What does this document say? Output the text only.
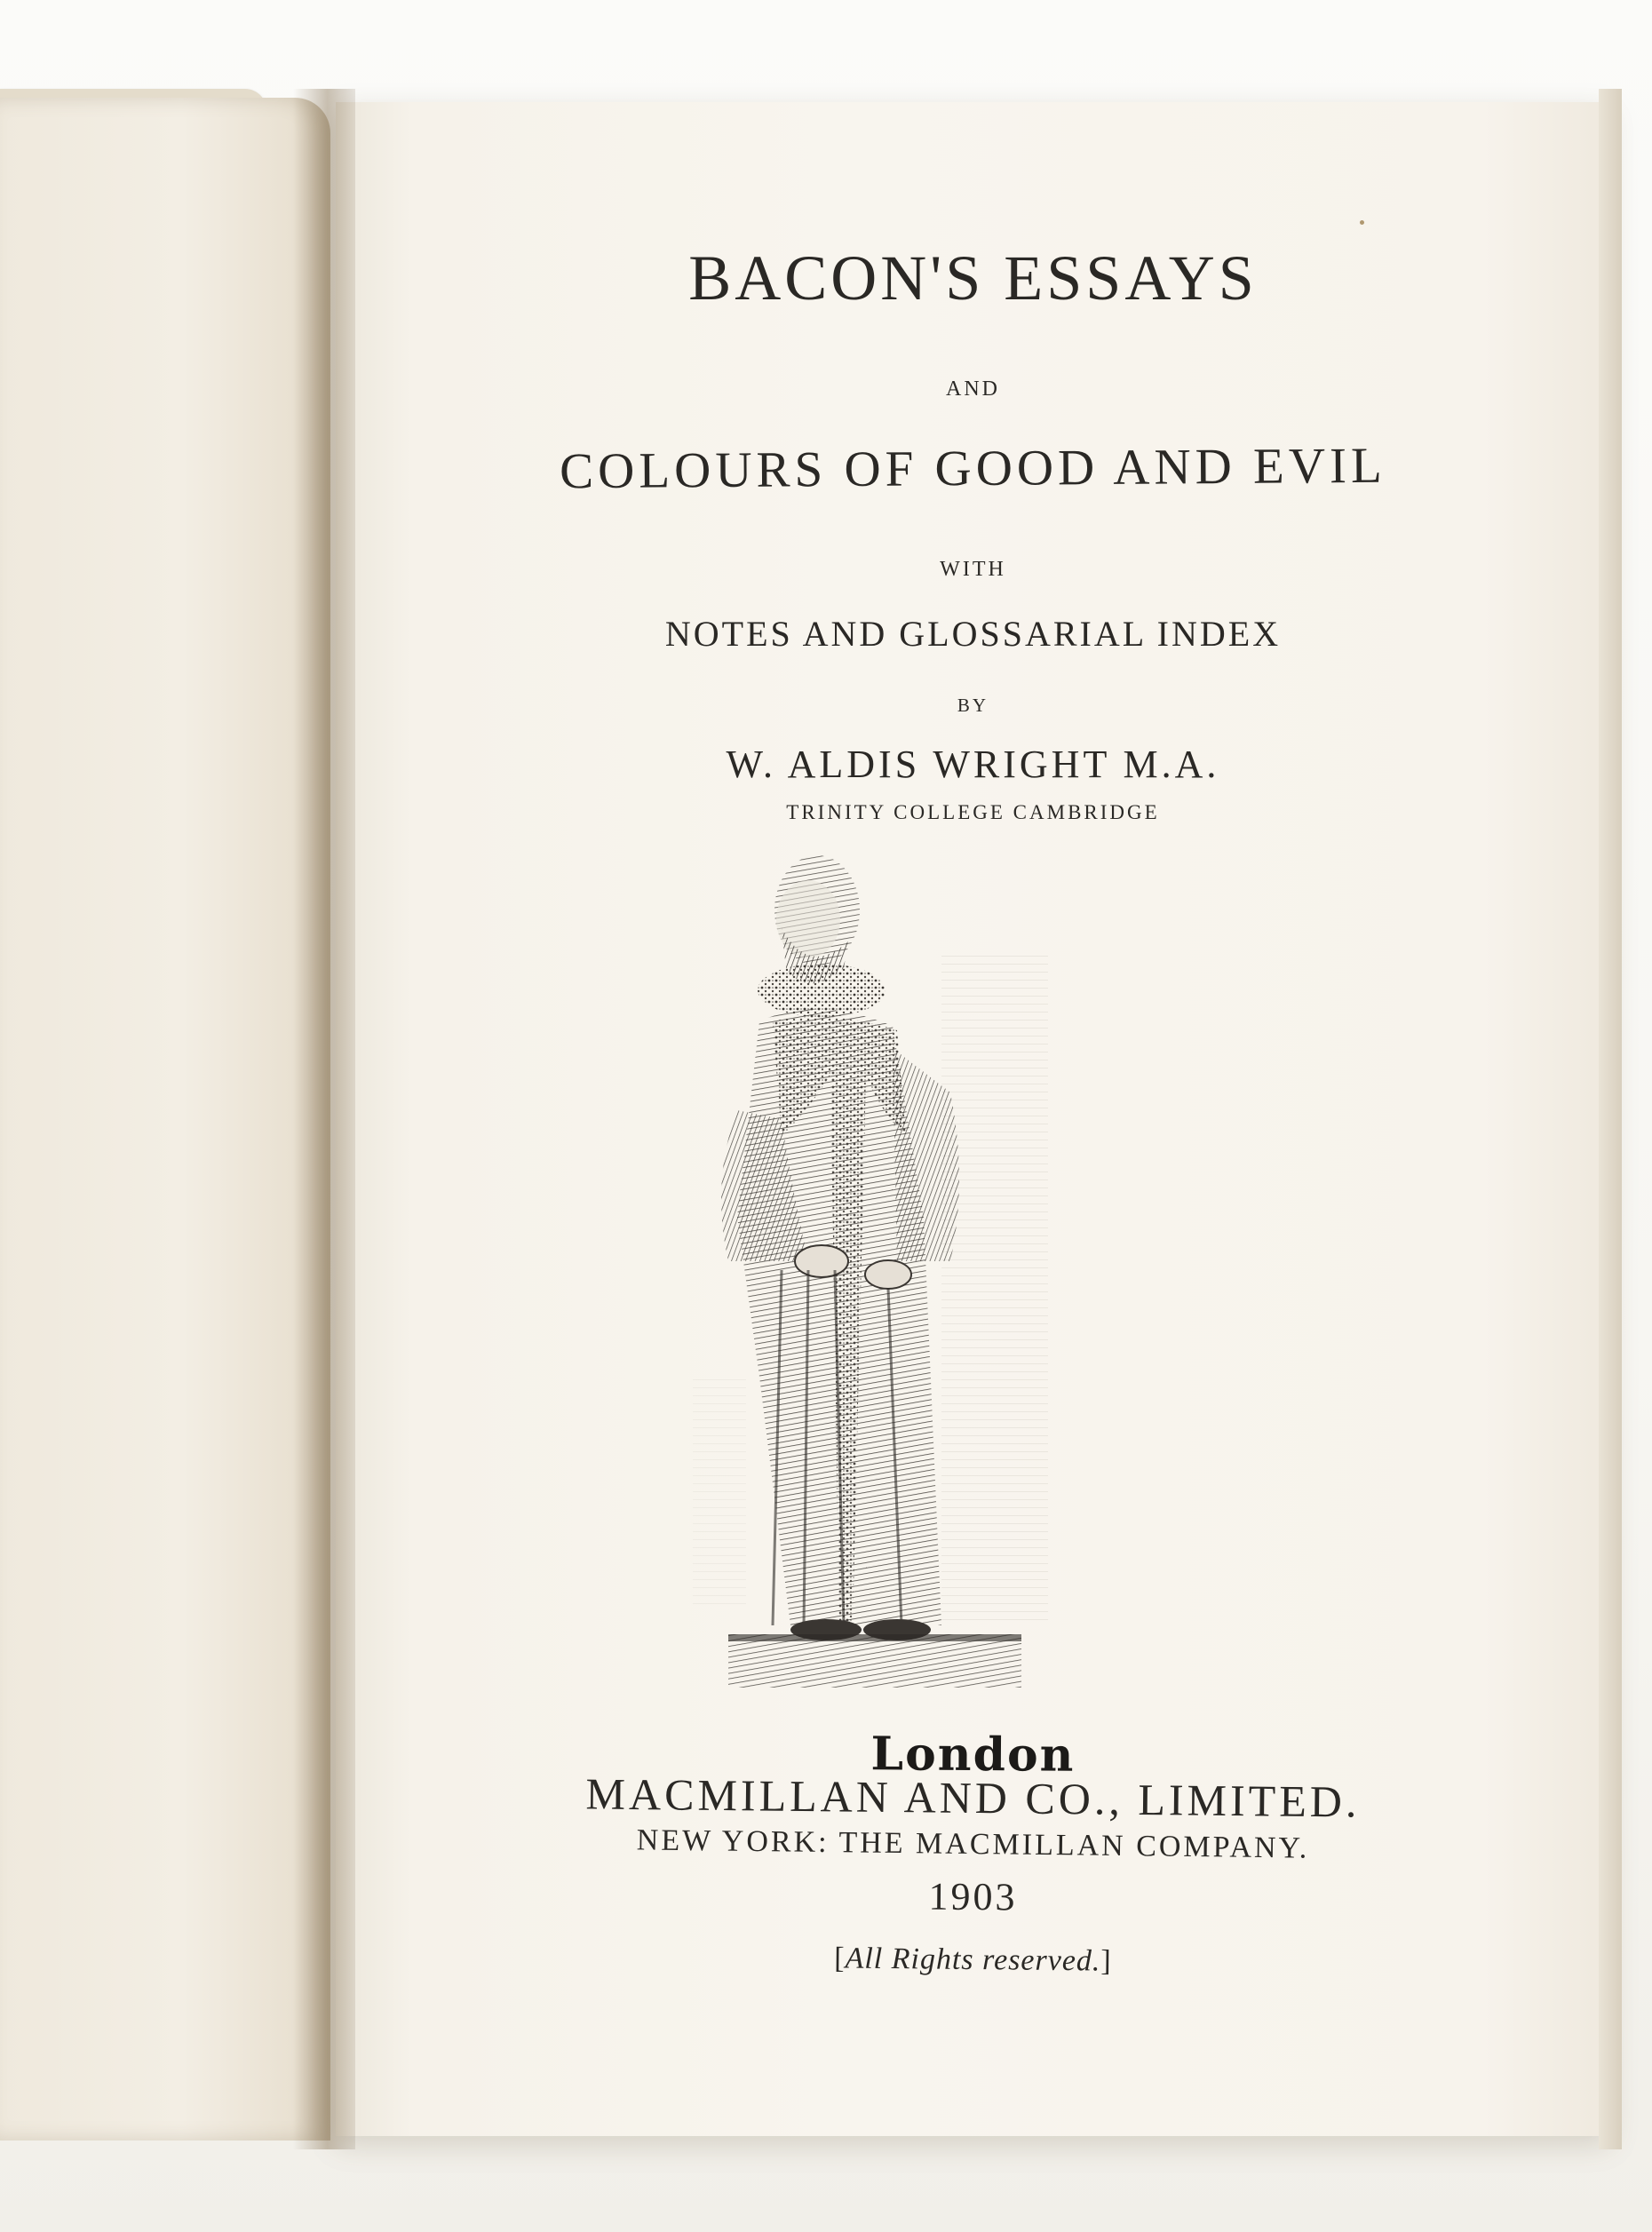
BACON'S ESSAYS
AND
COLOURS OF GOOD AND EVIL
WITH
NOTES AND GLOSSARIAL INDEX
BY
W. ALDIS WRIGHT M.A.
TRINITY COLLEGE CAMBRIDGE
London
MACMILLAN AND CO., LIMITED.
NEW YORK: THE MACMILLAN COMPANY.
1903
[All Rights reserved.]
